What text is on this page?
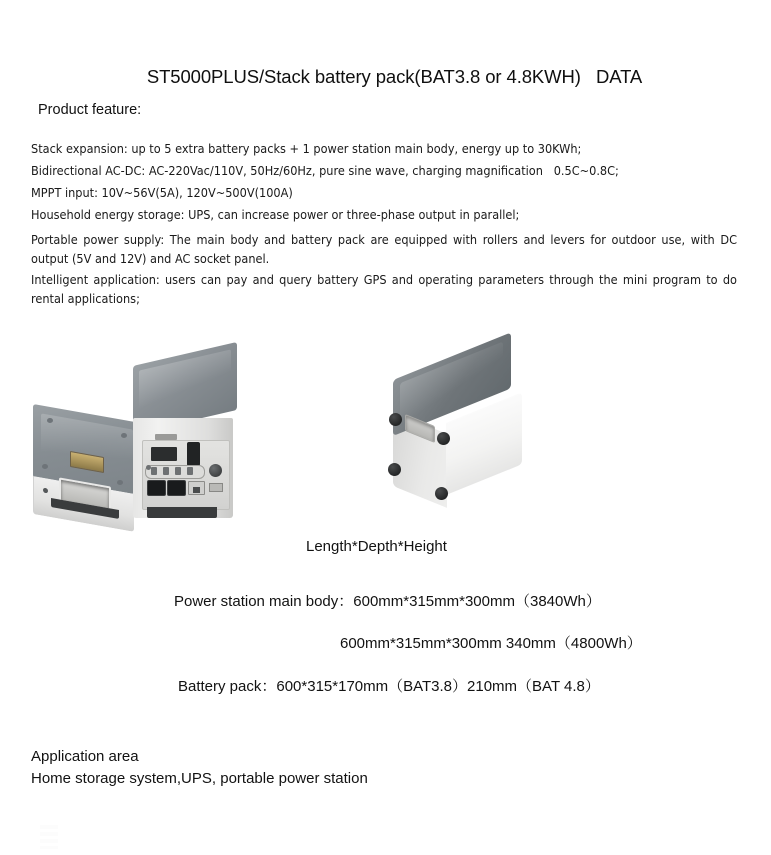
ST5000PLUS/Stack battery pack(BAT3.8 or 4.8KWH)   DATA
Product feature:

Stack expansion: up to 5 extra battery packs + 1 power station main body, energy up to 30KWh;

Bidirectional AC-DC: AC-220Vac/110V, 50Hz/60Hz, pure sine wave, charging magnification   0.5C~0.8C;

MPPT input: 10V~56V(5A), 120V~500V(100A)

Household energy storage: UPS, can increase power or three-phase output in parallel;

Portable power supply: The main body and battery pack are equipped with rollers and levers for outdoor use, with DC output (5V and 12V) and AC socket panel.

Intelligent application: users can pay and query battery GPS and operating parameters through the mini program to do rental applications;

Length*Depth*Height
Power station main body：600mm*315mm*300mm（3840Wh）
600mm*315mm*300mm 340mm（4800Wh）
Battery pack：600*315*170mm（BAT3.8）210mm（BAT 4.8）
Application area
Home storage system,UPS, portable power station
